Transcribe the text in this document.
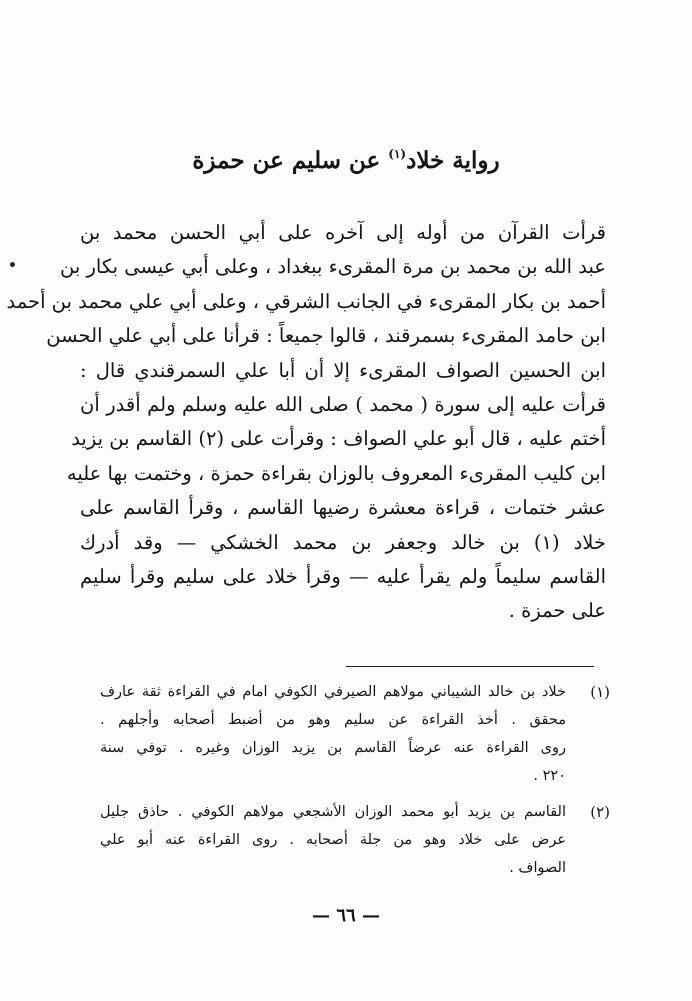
رواية خلاد$^{(١)}$ عن سليم عن حمزة
قرأت القرآن من أوله إلى آخره على أبي الحسن محمد بن
عبد الله بن محمد بن مرة المقرىء ببغداد ، وعلى أبي عيسى بكار بن
أحمد بن بكار المقرىء في الجانب الشرقي ، وعلى أبي علي محمد بن أحمد
ابن حامد المقرىء بسمرقند ، قالوا جميعاً : قرأنا على أبي علي الحسن
ابن الحسين الصواف المقرىء إلا أن أبا علي السمرقندي قال :
قرأت عليه إلى سورة ( محمد ) صلى الله عليه وسلم ولم أقدر أن
أختم عليه ، قال أبو علي الصواف : وقرأت على (٢) القاسم بن يزيد
ابن كليب المقرىء المعروف بالوزان بقراءة حمزة ، وختمت بها عليه
عشر ختمات ، قراءة معشرة رضيها القاسم ، وقرأ القاسم على
خلاد (١) بن خالد وجعفر بن محمد الخشكي — وقد أدرك
القاسم سليماً ولم يقرأ عليه — وقرأ خلاد على سليم وقرأ سليم
على حمزة .
(١)
خلاد بن خالد الشيباني مولاهم الصيرفي الكوفي امام في القراءة ثقة عارف
محقق . أخذ القراءة عن سليم وهو من أضبط أصحابه وأجلهم .
روى القراءة عنه عرضاً القاسم بن يزيد الوزان وغيره . توفي سنة
٢٢٠ .
(٢)
القاسم بن يزيد أبو محمد الوزان الأشجعي مولاهم الكوفي . حاذق جليل
عرض على خلاد وهو من جلة أصحابه . روى القراءة عنه أبو علي
الصواف .
— ٦٦ —
